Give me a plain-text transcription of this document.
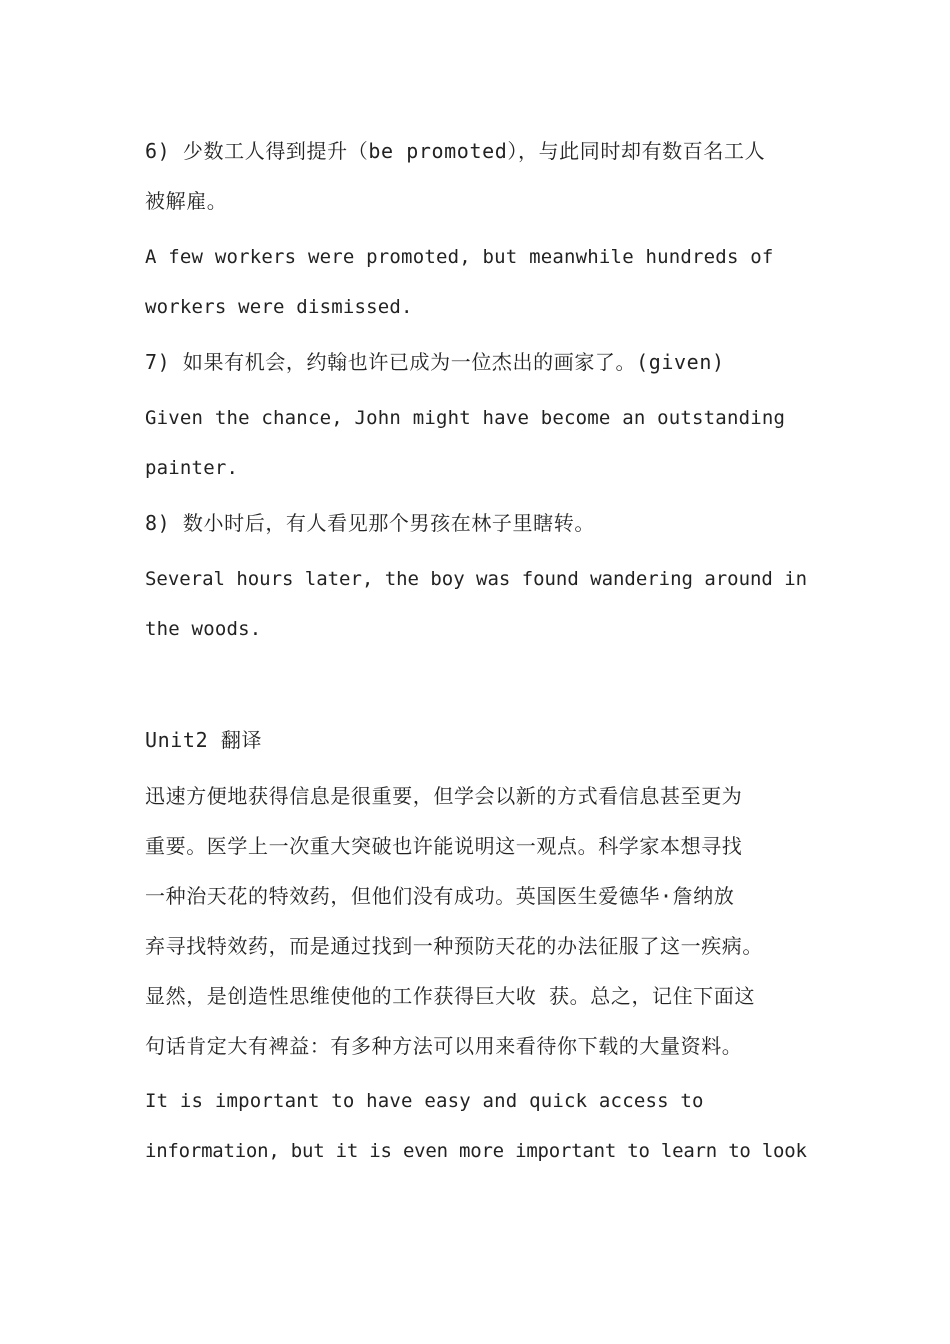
6) 少数工人得到提升（be promoted），与此同时却有数百名工人

被解雇。

A few workers were promoted, but meanwhile hundreds of

workers were dismissed.

7) 如果有机会，约翰也许已成为一位杰出的画家了。(given)

Given the chance, John might have become an outstanding

painter.

8) 数小时后，有人看见那个男孩在林子里瞎转。

Several hours later, the boy was found wandering around in

the woods.

Unit2 翻译

迅速方便地获得信息是很重要，但学会以新的方式看信息甚至更为

重要。医学上一次重大突破也许能说明这一观点。科学家本想寻找

一种治天花的特效药，但他们没有成功。英国医生爱德华·詹纳放

弃寻找特效药，而是通过找到一种预防天花的办法征服了这一疾病。

显然，是创造性思维使他的工作获得巨大收 获。总之，记住下面这

句话肯定大有裨益：有多种方法可以用来看待你下载的大量资料。

It is important to have easy and quick access to

information, but it is even more important to learn to look
